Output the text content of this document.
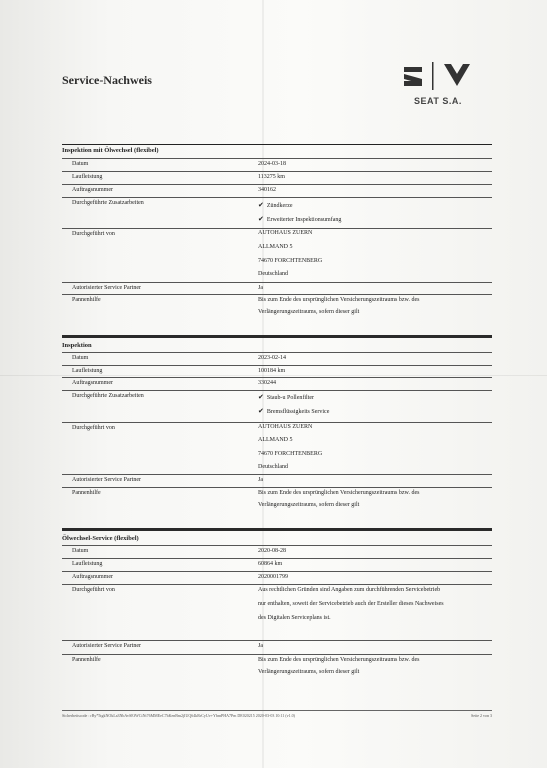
Service-Nachweis
SEAT S.A.
Inspektion mit Ölwechsel (flexibel)
Datum	2024-03-18
Laufleistung	113275 km
Auftragsnummer	340162
Durchgeführte Zusatzarbeiten	✔ Zündkerze
✔ Erweiterter Inspektionsumfang
Durchgeführt von	AUTOHAUS ZUERN
ALLMAND 5
74670 FORCHTENBERG
Deutschland
Autorisierter Service Partner	Ja
Pannenhilfe	Bis zum Ende des ursprünglichen Versicherungszeitraums bzw. des
Verlängerungszeitraums, sofern dieser gilt
Inspektion
Datum	2023-02-14
Laufleistung	100184 km
Auftragsnummer	330244
Durchgeführte Zusatzarbeiten	✔ Staub-u Pollenfilter
✔ Bremsflüssigkeits Service
Durchgeführt von	AUTOHAUS ZUERN
ALLMAND 5
74670 FORCHTENBERG
Deutschland
Autorisierter Service Partner	Ja
Pannenhilfe	Bis zum Ende des ursprünglichen Versicherungszeitraums bzw. des
Verlängerungszeitraums, sofern dieser gilt
Ölwechsel-Service (flexibel)
Datum	2020-08-28
Laufleistung	60864 km
Auftragsnummer	2020001799
Durchgeführt von	Aus rechtlichen Gründen sind Angaben zum durchführenden Servicebetrieb
nur enthalten, soweit der Servicebetrieb auch der Ersteller dieses Nachweises
des Digitalen Serviceplans ist.
Autorisierter Service Partner	Ja
Pannenhilfe	Bis zum Ende des ursprünglichen Versicherungszeitraums bzw. des
Verlängerungszeitraums, sofern dieser gilt
Sicherheitscode : rBy*5tgkNOkLa3NbAvSEfWCtNt76MMEeC7bKenBm2jIUQ64kRrCyUv+YbmPHA7Pm DE020215 2020-03-03 10:11 (v1.0)	Seite 2 von 3
